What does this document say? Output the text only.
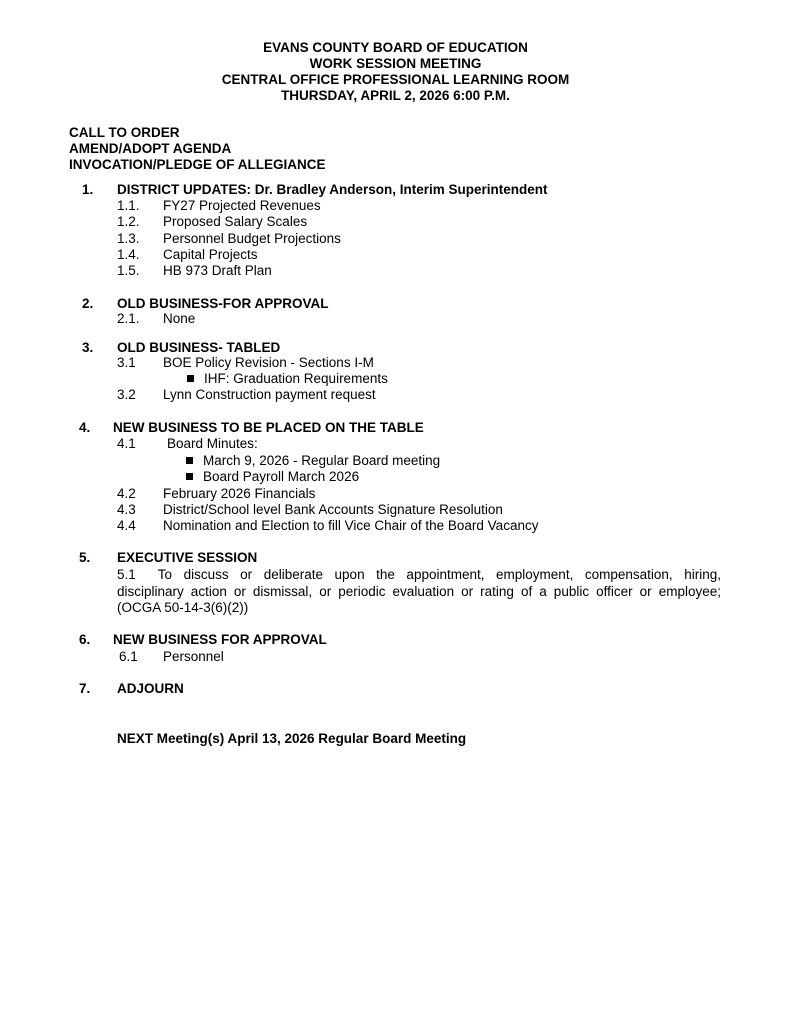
EVANS COUNTY BOARD OF EDUCATION
WORK SESSION MEETING
CENTRAL OFFICE PROFESSIONAL LEARNING ROOM
THURSDAY, APRIL 2, 2026 6:00 P.M.
CALL TO ORDER
AMEND/ADOPT AGENDA
INVOCATION/PLEDGE OF ALLEGIANCE
1. DISTRICT UPDATES: Dr. Bradley Anderson, Interim Superintendent
1.1. FY27 Projected Revenues
1.2. Proposed Salary Scales
1.3. Personnel Budget Projections
1.4. Capital Projects
1.5. HB 973 Draft Plan
2. OLD BUSINESS-FOR APPROVAL
2.1. None
3. OLD BUSINESS- TABLED
3.1 BOE Policy Revision - Sections I-M
IHF: Graduation Requirements
3.2 Lynn Construction payment request
4. NEW BUSINESS TO BE PLACED ON THE TABLE
4.1 Board Minutes:
March 9, 2026 - Regular Board meeting
Board Payroll March 2026
4.2 February 2026 Financials
4.3 District/School level Bank Accounts Signature Resolution
4.4 Nomination and Election to fill Vice Chair of the Board Vacancy
5. EXECUTIVE SESSION
5.1 To discuss or deliberate upon the appointment, employment, compensation, hiring, disciplinary action or dismissal, or periodic evaluation or rating of a public officer or employee; (OCGA 50-14-3(6)(2))
6. NEW BUSINESS FOR APPROVAL
6.1 Personnel
7. ADJOURN
NEXT Meeting(s) April 13, 2026 Regular Board Meeting
